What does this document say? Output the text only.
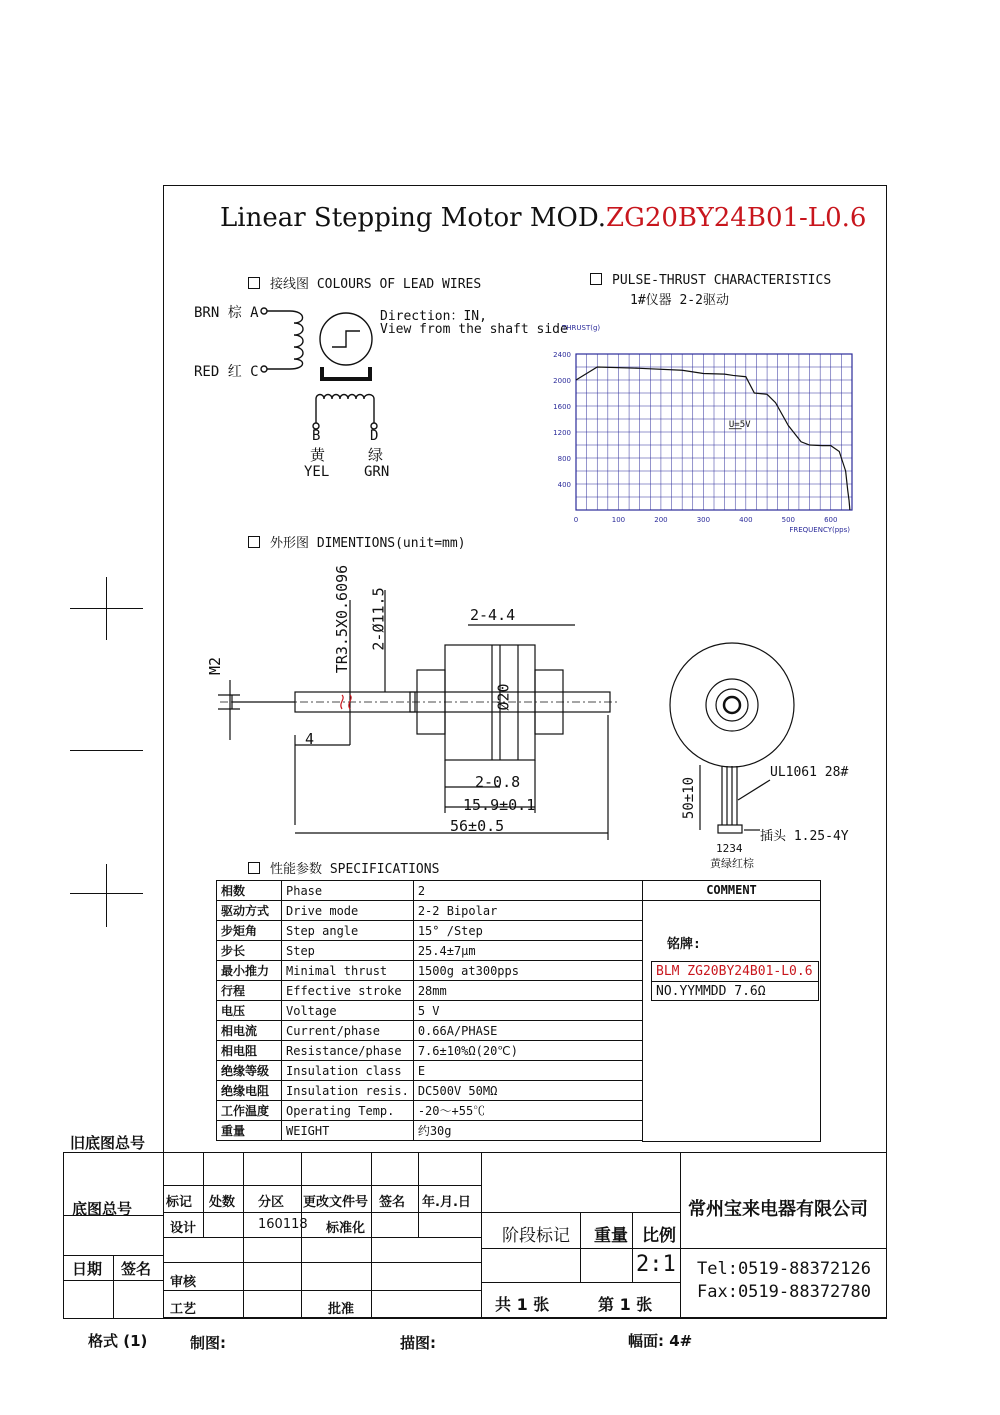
Linear Stepping Motor MOD.ZG20BY24B01-L0.6
接线图 COLOURS OF LEAD WIRES
BRN 棕 A
RED 红 C
Direction：IN,
View from the shaft side
B	D
黄	绿
YEL GRN
PULSE-THRUST CHARACTERISTICS
1#仪器 2-2驱动
0	100	200	300	400	500	600
400
800
1200
1600
2000
2400
THRUST(g)
FREQUENCY(pps)
U=5V
外形图 DIMENTIONS(unit=mm)
M2	TR3.5X0.6096 2-Ø11.5	2-4.4
Ø20
4
2-0.8
15.9±0.1
56±0.5
UL1061 28#
50±10
插头 1.25-4Y
1234
黄绿红棕
性能参数 SPECIFICATIONS
相数	Phase	2
驱动方式	Drive mode	2-2 Bipolar
步矩角	Step angle	15° /Step
步长	Step	25.4±7μm
最小推力	Minimal thrust	1500g at300pps
行程	Effective stroke	28mm
电压	Voltage	5 V
相电流	Current/phase	0.66A/PHASE
相电阻	Resistance/phase	7.6±10%Ω(20℃)
绝缘等级	Insulation class	E
绝缘电阻	Insulation resis.	DC500V 50MΩ
工作温度	Operating Temp.	-20～+55℃
重量	WEIGHT	约30g
COMMENT
铭牌:
BLM ZG20BY24B01-L0.6
NO.YYMMDD 7.6Ω
旧底图总号
底图总号
日期 签名
标记 处数 分区 更改文件号 签名 年.月.日
设计	160118 标准化
审核
工艺	批准
阶段标记 重量 比例
2:1
共 1 张	第 1 张
常州宝来电器有限公司
Tel:0519-88372126
Fax:0519-88372780
格式 (1)	制图:	描图:	幅面: 4#
